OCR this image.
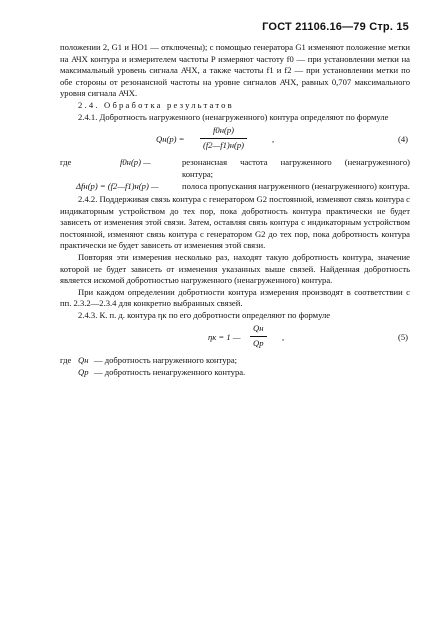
ГОСТ 21106.16—79 Стр. 15

положении 2, G1 и HO1 — отключены); с помощью генератора G1 изменяют положение метки на АЧХ контура и измерителем частоты P измеряют частоту f0 — при установлении метки на максимальный уровень сигнала АЧХ, а также частоты f1 и f2 — при установлении метки по обе стороны от резонансной частоты на уровне сигналов АЧХ, равных 0,707 максимального уровня сигнала АЧХ.

2.4. Обработка результатов

2.4.1. Добротность нагруженного (ненагруженного) контура определяют по формуле

Qн(р) =
f0н(р)
(f2—f1)н(р)
,	(4)
где	f0н(р) —	резонансная частота нагруженного (ненагруженного) контура;

Δfн(р) = (f2—f1)н(р) —	полоса пропускания нагруженного (ненагруженного) контура.

2.4.2. Поддерживая связь контура с генератором G2 постоянной, изменяют связь контура с индикаторным устройством до тех пор, пока добротность контура практически не будет зависеть от изменения этой связи. Затем, оставляя связь контура с индикаторным устройством постоянной, изменяют связь контура с генератором G2 до тех пор, пока добротность контура практически не будет зависеть от изменения этой связи.

Повторяя эти измерения несколько раз, находят такую добротность контура, значение которой не будет зависеть от изменения указанных выше связей. Найденная добротность является искомой добротностью нагруженного (ненагруженного) контура.

При каждом определении добротности контура измерения производят в соответствии с пп. 2.3.2—2.3.4 для конкретно выбранных связей.

2.4.3. К. п. д. контура ηк по его добротности определяют по формуле

ηк = 1 —
Qн
Qр
,	(5)
где Qн — добротность нагруженного контура;

Qр — добротность ненагруженного контура.
